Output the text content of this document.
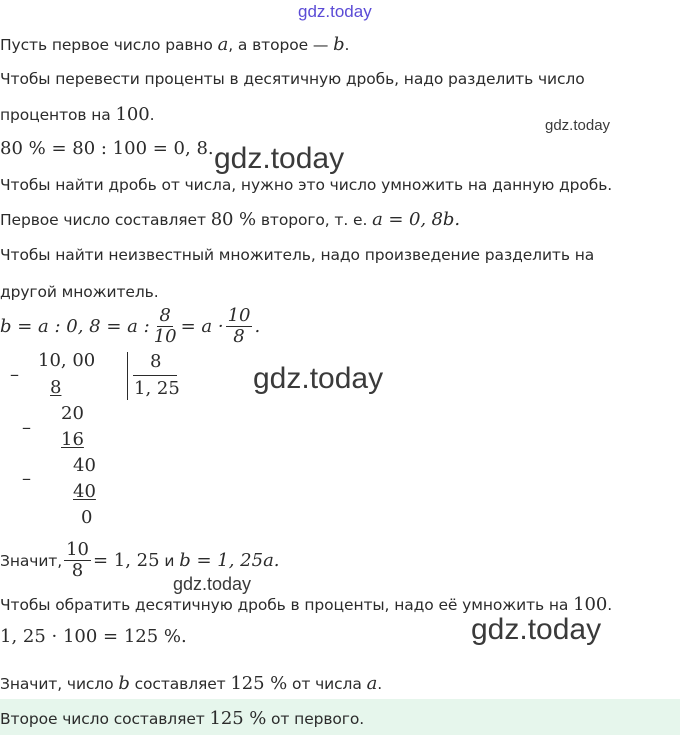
gdz.today
Пусть первое число равно a, а второе — b.
Чтобы перевести проценты в десятичную дробь, надо разделить число
процентов на 100.
gdz.today
80 % = 80 : 100 = 0, 8. gdz.today
Чтобы найти дробь от числа, нужно это число умножить на данную дробь.
Первое число составляет 80 % второго, т. е. a = 0, 8b.
Чтобы найти неизвестный множитель, надо произведение разделить на
другой множитель.
b = a : 0, 8 = a : $\frac{8}{10} = a \cdot \frac{10}{8}$ .
–
10, 00
8
8
1, 25
–
20
16
–
40
40
0
gdz.today
Значит, $\frac{10}{8} = 1$, 25 и b = 1, 25a.
gdz.today
Чтобы обратить десятичную дробь в проценты, надо её умножить на 100.
1, 25 · 100 = 125 %.	gdz.today
Значит, число b составляет 125 % от числа a.
Второе число составляет 125 % от первого.
